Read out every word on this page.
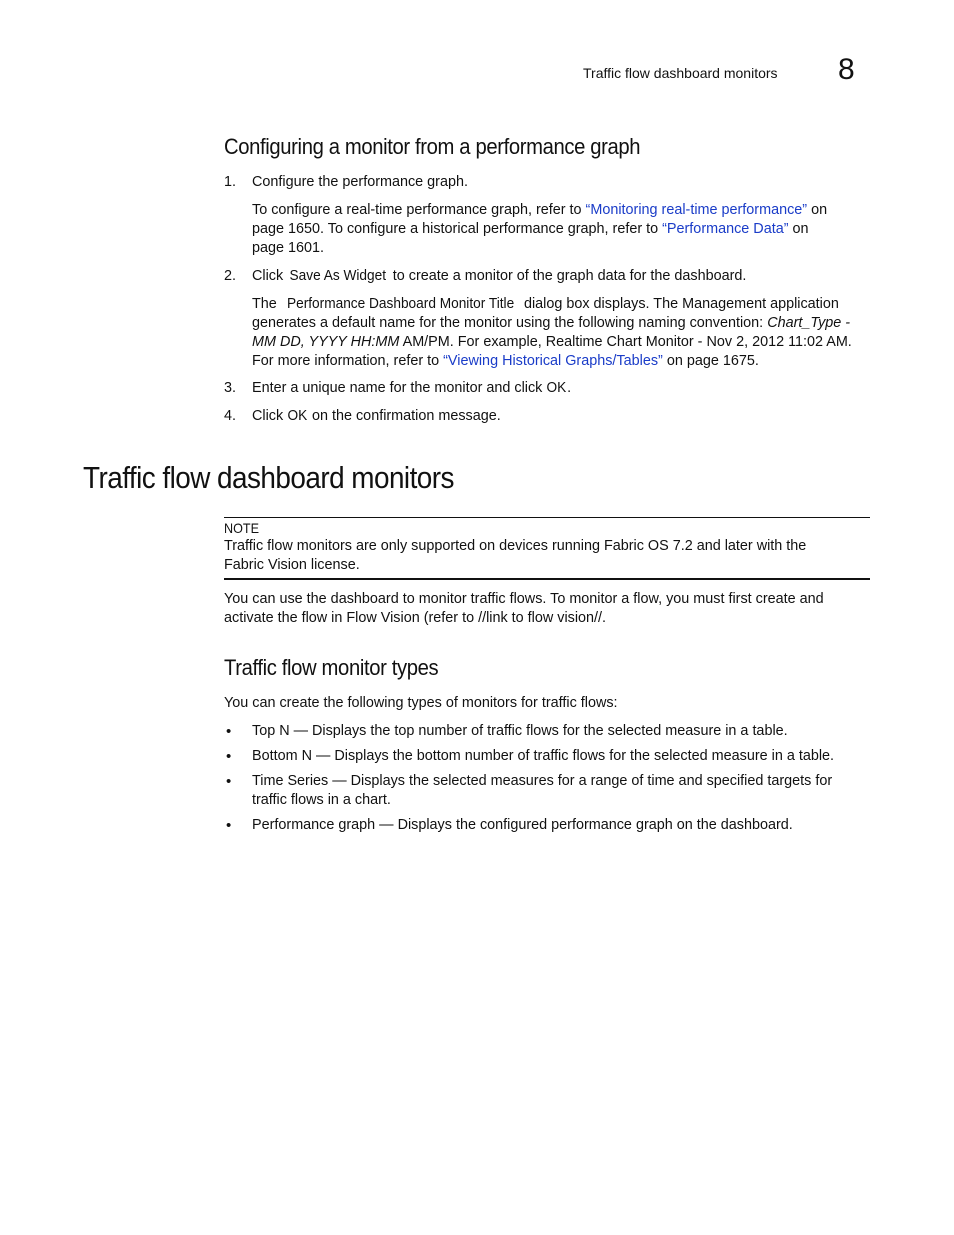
Traffic flow dashboard monitors 8
Configuring a monitor from a performance graph
1. Configure the performance graph.
To configure a real-time performance graph, refer to “Monitoring real-time performance” on
page 1650. To configure a historical performance graph, refer to “Performance Data” on
page 1601.
2. Click Save As Widget to create a monitor of the graph data for the dashboard.
The Performance Dashboard Monitor Title dialog box displays. The Management application
generates a default name for the monitor using the following naming convention: Chart_Type -
MM DD, YYYY HH:MM AM/PM. For example, Realtime Chart Monitor - Nov 2, 2012 11:02 AM.
For more information, refer to “Viewing Historical Graphs/Tables” on page 1675.
3. Enter a unique name for the monitor and click OK.
4. Click OK on the confirmation message.
Traffic flow dashboard monitors
NOTE
Traffic flow monitors are only supported on devices running Fabric OS 7.2 and later with the
Fabric Vision license.
You can use the dashboard to monitor traffic flows. To monitor a flow, you must first create and
activate the flow in Flow Vision (refer to //link to flow vision//.
Traffic flow monitor types
You can create the following types of monitors for traffic flows:
• Top N — Displays the top number of traffic flows for the selected measure in a table.
• Bottom N — Displays the bottom number of traffic flows for the selected measure in a table.
• Time Series — Displays the selected measures for a range of time and specified targets for
traffic flows in a chart.
• Performance graph — Displays the configured performance graph on the dashboard.
